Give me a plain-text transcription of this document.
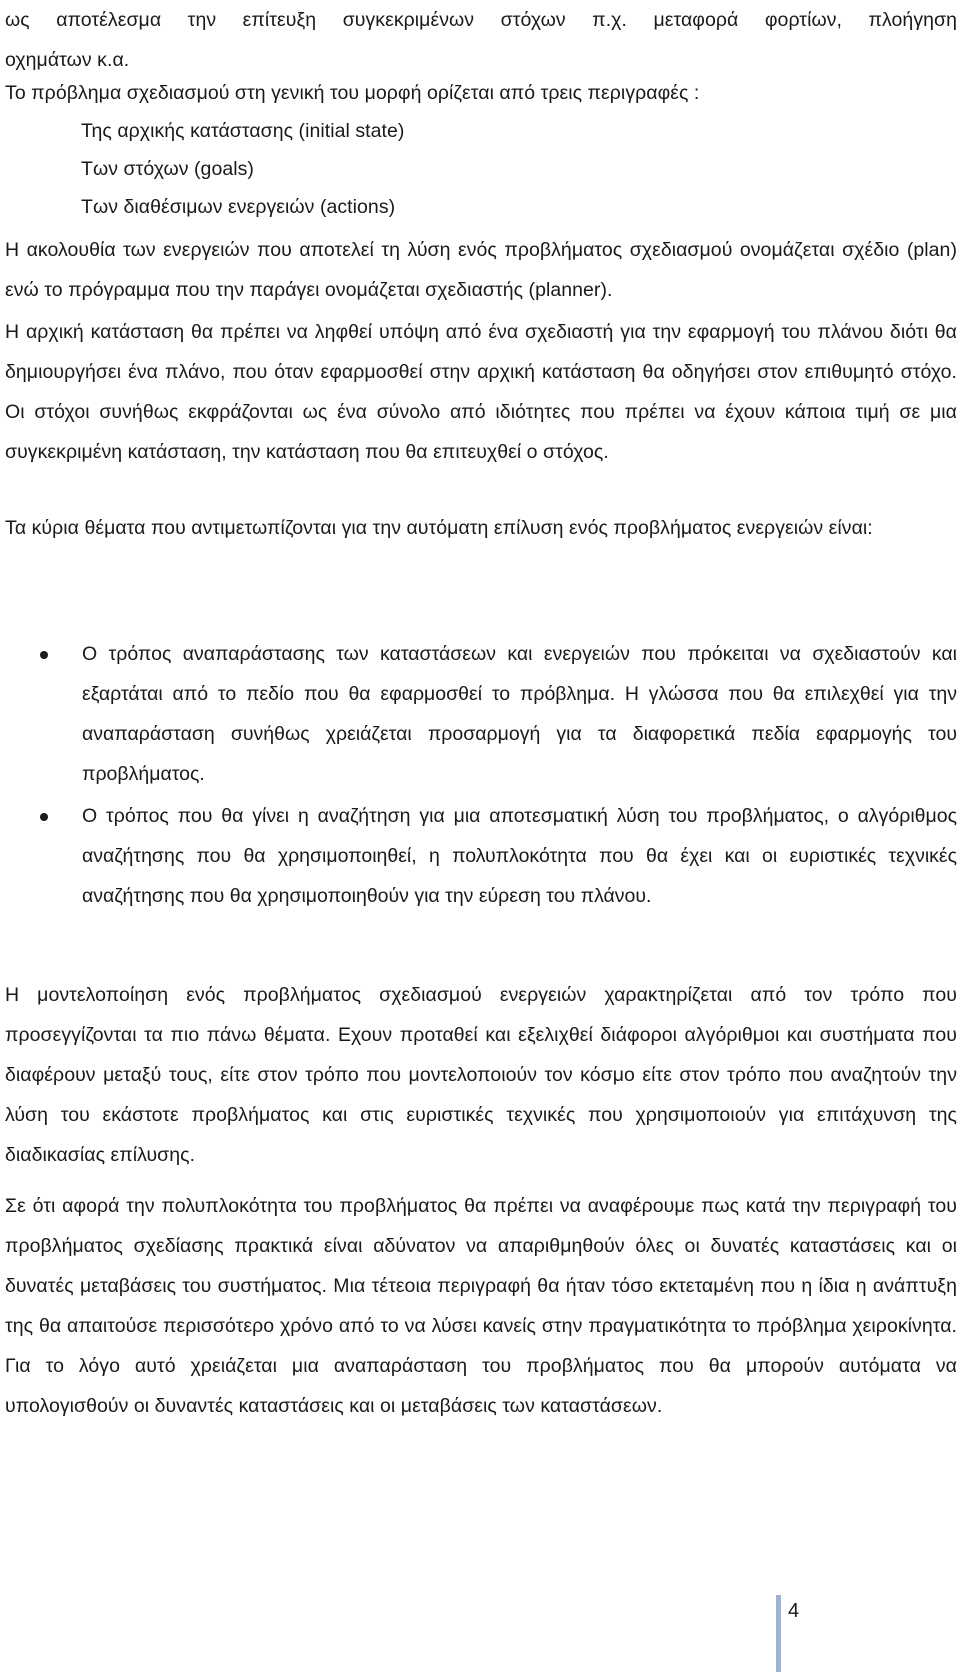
ως αποτέλεσμα την επίτευξη συγκεκριμένων στόχων π.χ. μεταφορά φορτίων, πλοήγηση

οχημάτων κ.α.

Το πρόβλημα σχεδιασμού στη γενική του μορφή ορίζεται από τρεις περιγραφές :

Της αρχικής κατάστασης (initial state)

Των στόχων (goals)

Των διαθέσιμων ενεργειών (actions)

Η ακολουθία των ενεργειών που αποτελεί τη λύση ενός προβλήματος σχεδιασμού ονομάζεται σχέδιο (plan) ενώ το πρόγραμμα που την παράγει ονομάζεται σχεδιαστής (planner).

Η αρχική κατάσταση θα πρέπει να ληφθεί υπόψη από ένα σχεδιαστή για την εφαρμογή του πλάνου διότι θα δημιουργήσει ένα πλάνο, που όταν εφαρμοσθεί στην αρχική κατάσταση θα οδηγήσει στον επιθυμητό στόχο. Οι στόχοι συνήθως εκφράζονται ως ένα σύνολο από ιδιότητες που πρέπει να έχουν κάποια τιμή σε μια συγκεκριμένη κατάσταση, την κατάσταση που θα επιτευχθεί ο στόχος.

Τα κύρια θέματα που αντιμετωπίζονται για την αυτόματη επίλυση ενός προβλήματος ενεργειών είναι:

Ο τρόπος αναπαράστασης των καταστάσεων και ενεργειών που πρόκειται να σχεδιαστούν και εξαρτάται από το πεδίο που θα εφαρμοσθεί το πρόβλημα. Η γλώσσα που θα επιλεχθεί για την αναπαράσταση συνήθως χρειάζεται προσαρμογή για τα διαφορετικά πεδία εφαρμογής του προβλήματος.
Ο τρόπος που θα γίνει η αναζήτηση για μια αποτεσματική λύση του προβλήματος, ο αλγόριθμος αναζήτησης που θα χρησιμοποιηθεί, η πολυπλοκότητα που θα έχει και οι ευριστικές τεχνικές αναζήτησης που θα χρησιμοποιηθούν για την εύρεση του πλάνου.

Η μοντελοποίηση ενός προβλήματος σχεδιασμού ενεργειών χαρακτηρίζεται από τον τρόπο που προσεγγίζονται τα πιο πάνω θέματα. Εχουν προταθεί και εξελιχθεί διάφοροι αλγόριθμοι και συστήματα που διαφέρουν μεταξύ τους, είτε στον τρόπο που μοντελοποιούν τον κόσμο είτε στον τρόπο που αναζητούν την λύση του εκάστοτε προβλήματος και στις ευριστικές τεχνικές που χρησιμοποιούν για επιτάχυνση της διαδικασίας επίλυσης.

Σε ότι αφορά την πολυπλοκότητα του προβλήματος θα πρέπει να αναφέρουμε πως κατά την περιγραφή του προβλήματος σχεδίασης πρακτικά είναι αδύνατον να απαριθμηθούν όλες οι δυνατές καταστάσεις και οι δυνατές μεταβάσεις του συστήματος. Μια τέτεοια περιγραφή θα ήταν τόσο εκτεταμένη που η ίδια η ανάπτυξη της θα απαιτούσε περισσότερο χρόνο από το να λύσει κανείς στην πραγματικότητα το πρόβλημα χειροκίνητα. Για το λόγο αυτό χρειάζεται μια αναπαράσταση του προβλήματος που θα μπορούν αυτόματα να υπολογισθούν οι δυναντές καταστάσεις και οι μεταβάσεις των καταστάσεων.

4
